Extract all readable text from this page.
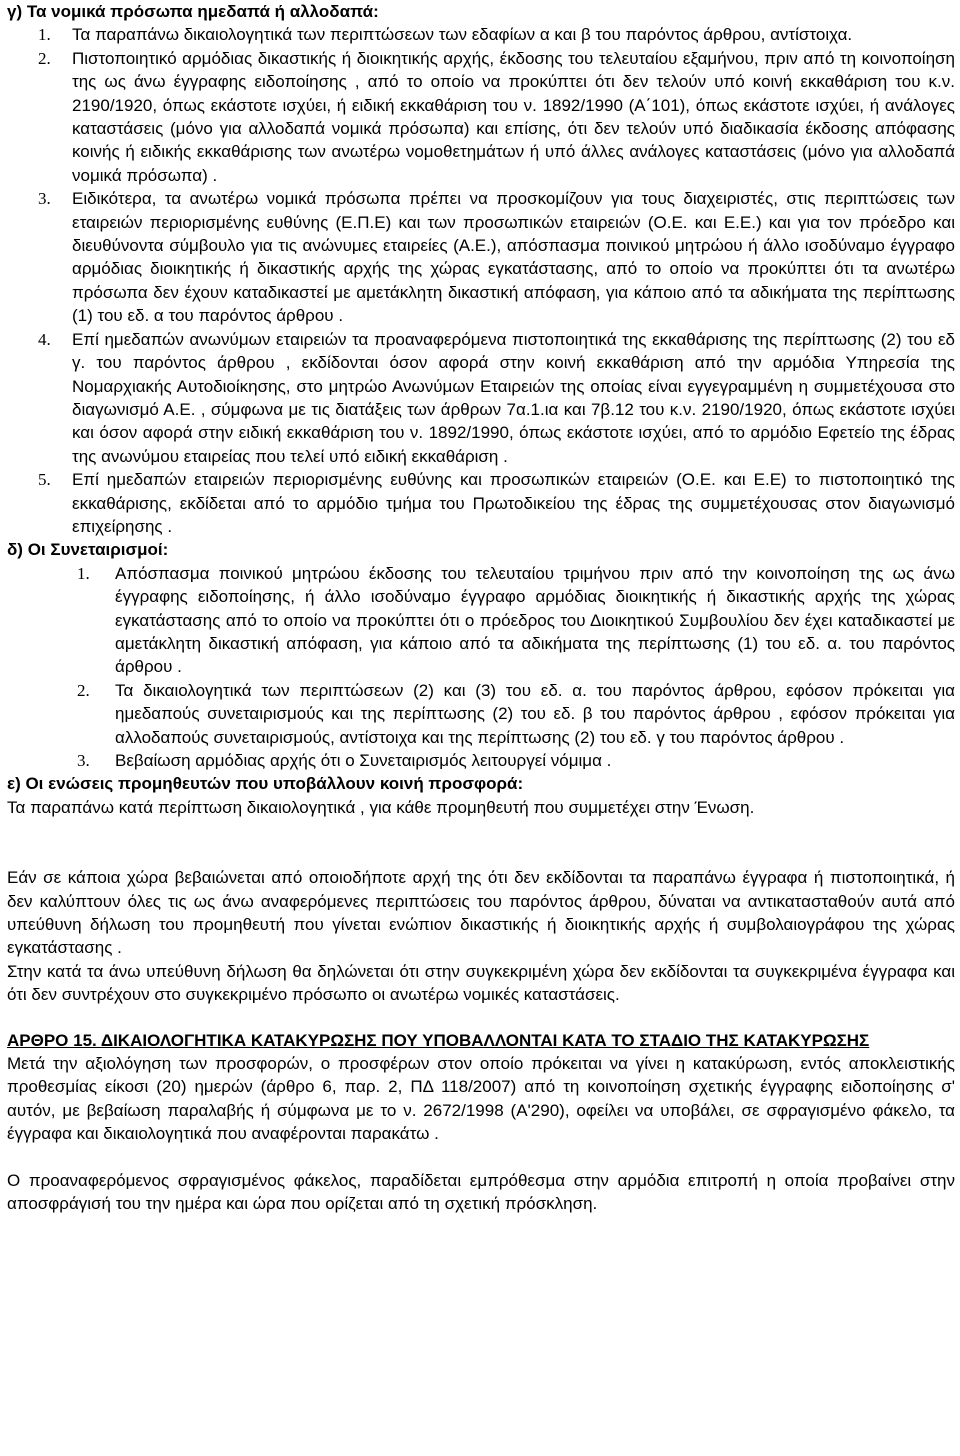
γ) Τα νομικά πρόσωπα ημεδαπά ή αλλοδαπά:
1.	Τα παραπάνω δικαιολογητικά των περιπτώσεων των εδαφίων α και β του παρόντος άρθρου, αντίστοιχα.
2.	Πιστοποιητικό αρμόδιας δικαστικής ή διοικητικής αρχής, έκδοσης του τελευταίου εξαμήνου, πριν από τη κοινοποίηση της ως άνω έγγραφης ειδοποίησης , από το οποίο να προκύπτει ότι δεν τελούν υπό κοινή εκκαθάριση του κ.ν. 2190/1920, όπως εκάστοτε ισχύει, ή ειδική εκκαθάριση του ν. 1892/1990 (Α΄101), όπως εκάστοτε ισχύει, ή ανάλογες καταστάσεις (μόνο για αλλοδαπά νομικά πρόσωπα) και επίσης, ότι δεν τελούν υπό διαδικασία έκδοσης απόφασης κοινής ή ειδικής εκκαθάρισης των ανωτέρω νομοθετημάτων ή υπό άλλες ανάλογες καταστάσεις (μόνο για αλλοδαπά νομικά πρόσωπα) .
3.	Ειδικότερα, τα ανωτέρω νομικά πρόσωπα πρέπει να προσκομίζουν για τους διαχειριστές, στις περιπτώσεις των εταιρειών περιορισμένης ευθύνης (Ε.Π.Ε) και των προσωπικών εταιρειών (Ο.Ε. και Ε.Ε.) και για τον πρόεδρο και διευθύνοντα σύμβουλο για τις ανώνυμες εταιρείες (Α.Ε.), απόσπασμα ποινικού μητρώου ή άλλο ισοδύναμο έγγραφο αρμόδιας διοικητικής ή δικαστικής αρχής της χώρας εγκατάστασης, από το οποίο να προκύπτει ότι τα ανωτέρω πρόσωπα δεν έχουν καταδικαστεί με αμετάκλητη δικαστική απόφαση, για κάποιο από τα αδικήματα της περίπτωσης (1) του εδ. α του παρόντος άρθρου .
4.	Επί ημεδαπών ανωνύμων εταιρειών τα προαναφερόμενα πιστοποιητικά της εκκαθάρισης της περίπτωσης (2) του εδ γ. του παρόντος άρθρου , εκδίδονται όσον αφορά στην κοινή εκκαθάριση από την αρμόδια Υπηρεσία της Νομαρχιακής Αυτοδιοίκησης, στο μητρώο Ανωνύμων Εταιρειών της οποίας είναι εγγεγραμμένη η συμμετέχουσα στο διαγωνισμό Α.Ε. , σύμφωνα με τις διατάξεις των άρθρων 7α.1.ια και 7β.12 του κ.ν. 2190/1920, όπως εκάστοτε ισχύει και όσον αφορά στην ειδική εκκαθάριση του ν. 1892/1990, όπως εκάστοτε ισχύει, από το αρμόδιο Εφετείο της έδρας της ανωνύμου εταιρείας που τελεί υπό ειδική εκκαθάριση .
5.	Επί ημεδαπών εταιρειών περιορισμένης ευθύνης και προσωπικών εταιρειών (Ο.Ε. και Ε.Ε) το πιστοποιητικό της εκκαθάρισης, εκδίδεται από το αρμόδιο τμήμα του Πρωτοδικείου της έδρας της συμμετέχουσας στον διαγωνισμό επιχείρησης .
δ) Οι Συνεταιρισμοί:
1.	Απόσπασμα ποινικού μητρώου έκδοσης του τελευταίου τριμήνου πριν από την κοινοποίηση της ως άνω έγγραφης ειδοποίησης, ή άλλο ισοδύναμο έγγραφο αρμόδιας διοικητικής ή δικαστικής αρχής της χώρας εγκατάστασης από το οποίο να προκύπτει ότι ο πρόεδρος του Διοικητικού Συμβουλίου δεν έχει καταδικαστεί με αμετάκλητη δικαστική απόφαση, για κάποιο από τα αδικήματα της περίπτωσης (1) του εδ. α. του παρόντος άρθρου .
2.	Τα δικαιολογητικά των περιπτώσεων (2) και (3) του εδ. α. του παρόντος άρθρου, εφόσον πρόκειται για ημεδαπούς συνεταιρισμούς και της περίπτωσης (2) του εδ. β του παρόντος άρθρου , εφόσον πρόκειται για αλλοδαπούς συνεταιρισμούς, αντίστοιχα και της περίπτωσης (2) του εδ. γ του παρόντος άρθρου .
3.	Βεβαίωση αρμόδιας αρχής ότι ο Συνεταιρισμός λειτουργεί νόμιμα .
ε) Οι ενώσεις προμηθευτών που υποβάλλουν κοινή προσφορά:
Τα παραπάνω κατά περίπτωση δικαιολογητικά , για κάθε προμηθευτή που συμμετέχει στην Ένωση.
Εάν σε κάποια χώρα βεβαιώνεται από οποιοδήποτε αρχή της ότι δεν εκδίδονται τα παραπάνω έγγραφα ή πιστοποιητικά, ή δεν καλύπτουν όλες τις ως άνω αναφερόμενες περιπτώσεις του παρόντος άρθρου, δύναται να αντικατασταθούν αυτά από υπεύθυνη δήλωση του προμηθευτή που γίνεται ενώπιον δικαστικής ή διοικητικής αρχής ή συμβολαιογράφου της χώρας εγκατάστασης .
Στην κατά τα άνω υπεύθυνη δήλωση θα δηλώνεται ότι στην συγκεκριμένη χώρα δεν εκδίδονται τα συγκεκριμένα έγγραφα και ότι δεν συντρέχουν στο συγκεκριμένο πρόσωπο οι ανωτέρω νομικές καταστάσεις.
ΑΡΘΡΟ 15. ΔΙΚΑΙΟΛΟΓΗΤΙΚΑ ΚΑΤΑΚΥΡΩΣΗΣ ΠΟΥ ΥΠΟΒΑΛΛΟΝΤΑΙ ΚΑΤΑ ΤΟ ΣΤΑΔΙΟ ΤΗΣ ΚΑΤΑΚΥΡΩΣΗΣ
Μετά την αξιολόγηση των προσφορών, ο προσφέρων στον οποίο πρόκειται να γίνει η κατακύρωση, εντός αποκλειστικής προθεσμίας είκοσι (20) ημερών (άρθρο 6, παρ. 2, ΠΔ 118/2007) από τη κοινοποίηση σχετικής έγγραφης ειδοποίησης σ' αυτόν, με βεβαίωση παραλαβής ή σύμφωνα με το ν. 2672/1998 (Α'290), οφείλει να υποβάλει, σε σφραγισμένο φάκελο, τα έγγραφα και δικαιολογητικά που αναφέρονται παρακάτω .
Ο προαναφερόμενος σφραγισμένος φάκελος, παραδίδεται εμπρόθεσμα στην αρμόδια επιτροπή η οποία προβαίνει στην αποσφράγισή του την ημέρα και ώρα που ορίζεται από τη σχετική πρόσκληση.
